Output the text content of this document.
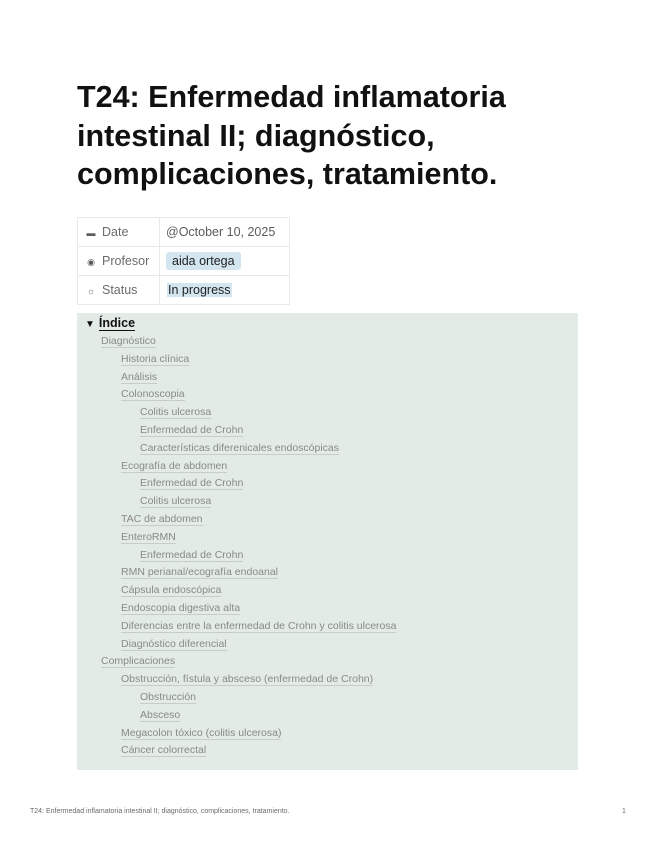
T24: Enfermedad inflamatoria intestinal II; diagnóstico, complicaciones, tratamiento.
▬ Date	@October 10, 2025
◉ Profesor	aida ortega
☼ Status	In progress
▼ Índice
Diagnóstico
Historia clínica
Análisis
Colonoscopia
Colitis ulcerosa
Enfermedad de Crohn
Características diferenicales endoscópicas
Ecografía de abdomen
Enfermedad de Crohn
Colitis ulcerosa
TAC de abdomen
EnteroRMN
Enfermedad de Crohn
RMN perianal/ecografía endoanal
Cápsula endoscópica
Endoscopia digestiva alta
Diferencias entre la enfermedad de Crohn y colitis ulcerosa
Diagnóstico diferencial
Complicaciones
Obstrucción, fístula y absceso (enfermedad de Crohn)
Obstrucción
Absceso
Megacolon tóxico (colitis ulcerosa)
Cáncer colorrectal
T24: Enfermedad inflamatoria intestinal II; diagnóstico, complicaciones, tratamiento.	1
